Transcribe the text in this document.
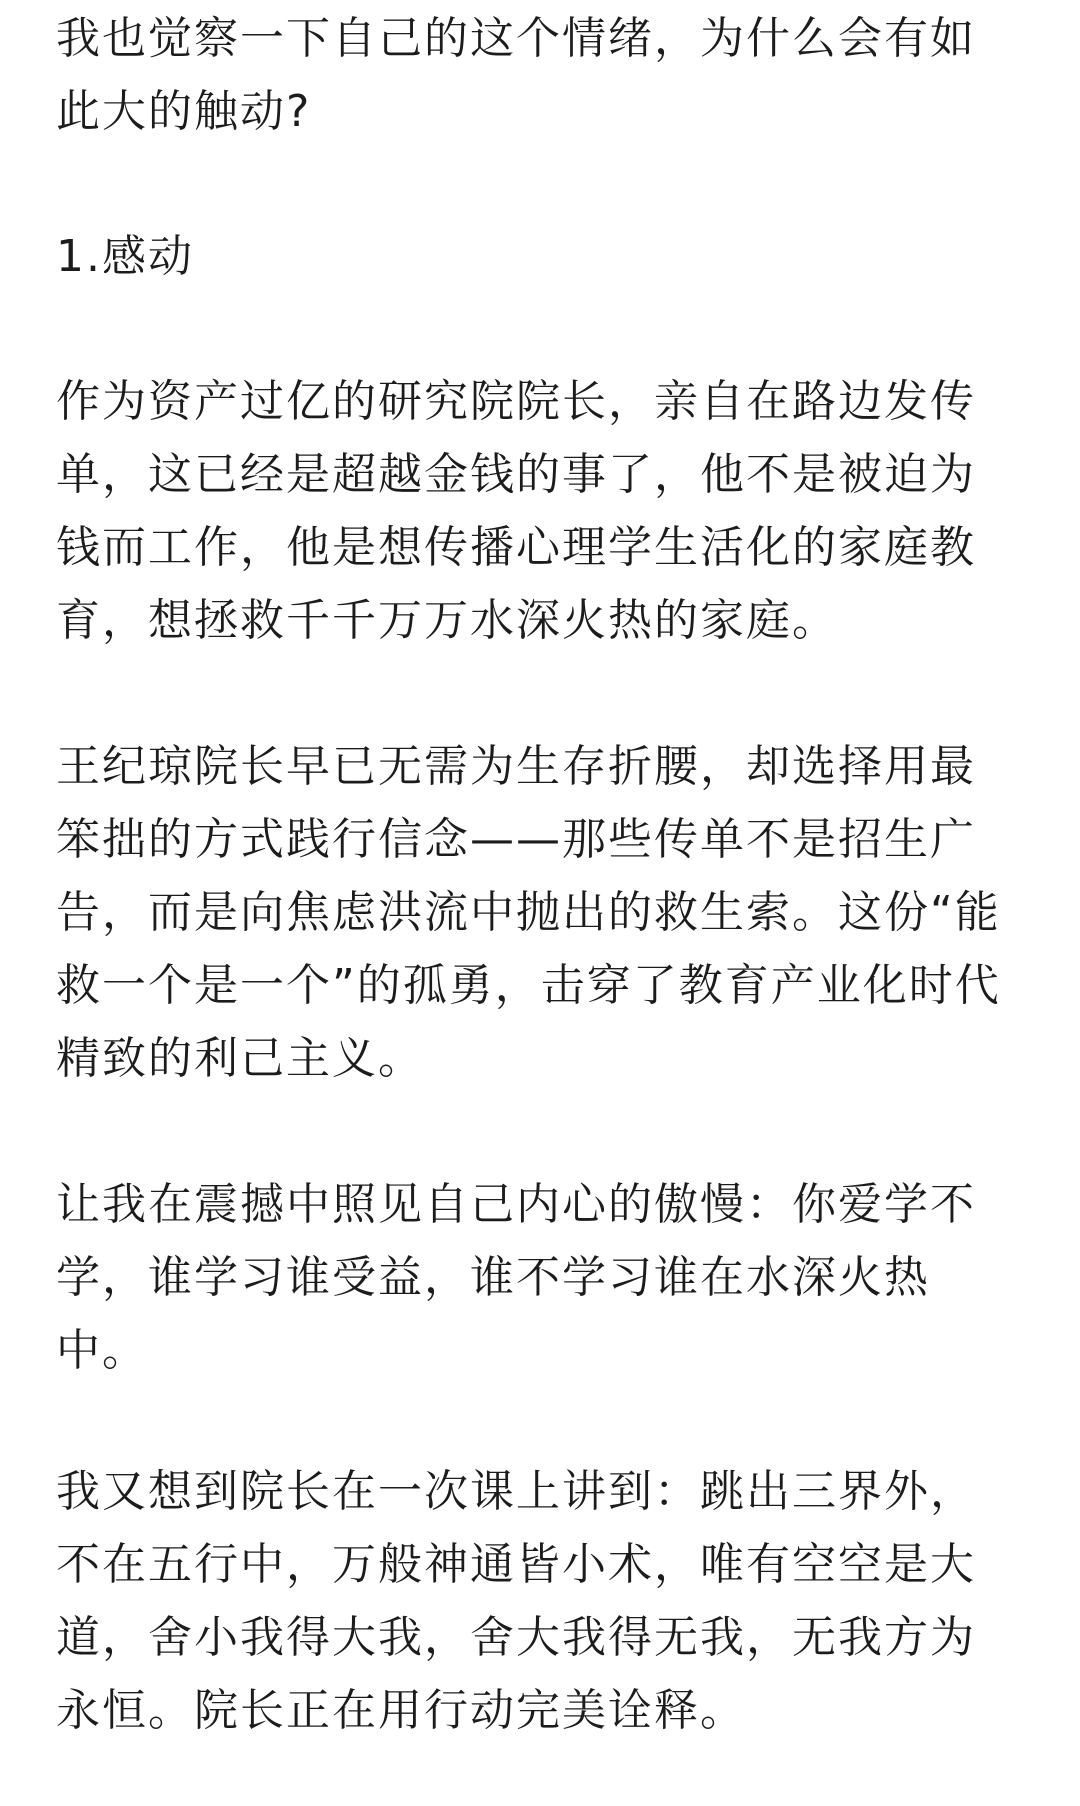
我也觉察一下自己的这个情绪，为什么会有如
此大的触动?

1.感动

作为资产过亿的研究院院长，亲自在路边发传
单，这已经是超越金钱的事了，他不是被迫为
钱而工作，他是想传播心理学生活化的家庭教
育，想拯救千千万万水深火热的家庭。

王纪琼院长早已无需为生存折腰，却选择用最
笨拙的方式践行信念——那些传单不是招生广
告，而是向焦虑洪流中抛出的救生索。这份“能
救一个是一个”的孤勇，击穿了教育产业化时代
精致的利己主义。

让我在震撼中照见自己内心的傲慢：你爱学不
学，谁学习谁受益，谁不学习谁在水深火热
中。

我又想到院长在一次课上讲到：跳出三界外，
不在五行中，万般神通皆小术，唯有空空是大
道，舍小我得大我，舍大我得无我，无我方为
永恒。院长正在用行动完美诠释。
